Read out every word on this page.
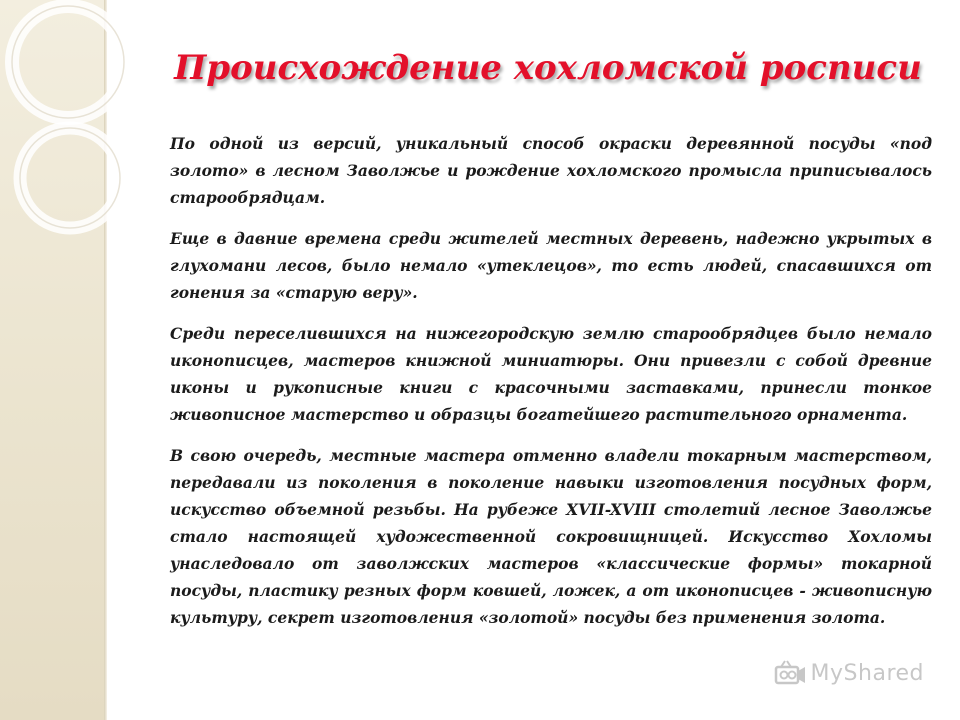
Происхождение хохломской росписи

По одной из версий, уникальный способ окраски деревянной посуды «под золото» в лесном Заволжье и рождение хохломского промысла приписывалось старообрядцам.

Еще в давние времена среди жителей местных деревень, надежно укрытых в глухомани лесов, было немало «утеклецов», то есть людей, спасавшихся от гонения за «старую веру».

Среди переселившихся на нижегородскую землю старообрядцев было немало иконописцев, мастеров книжной миниатюры. Они привезли с собой древние иконы и рукописные книги с красочными заставками, принесли тонкое живописное мастерство и образцы богатейшего растительного орнамента.

В свою очередь, местные мастера отменно владели токарным мастерством, передавали из поколения в поколение навыки изготовления посудных форм, искусство объемной резьбы. На рубеже XVII-XVIII столетий лесное Заволжье стало настоящей художественной сокровищницей. Искусство Хохломы унаследовало от заволжских мастеров «классические формы» токарной посуды, пластику резных форм ковшей, ложек, а от иконописцев - живописную культуру, секрет изготовления «золотой» посуды без применения золота.

MyShared
